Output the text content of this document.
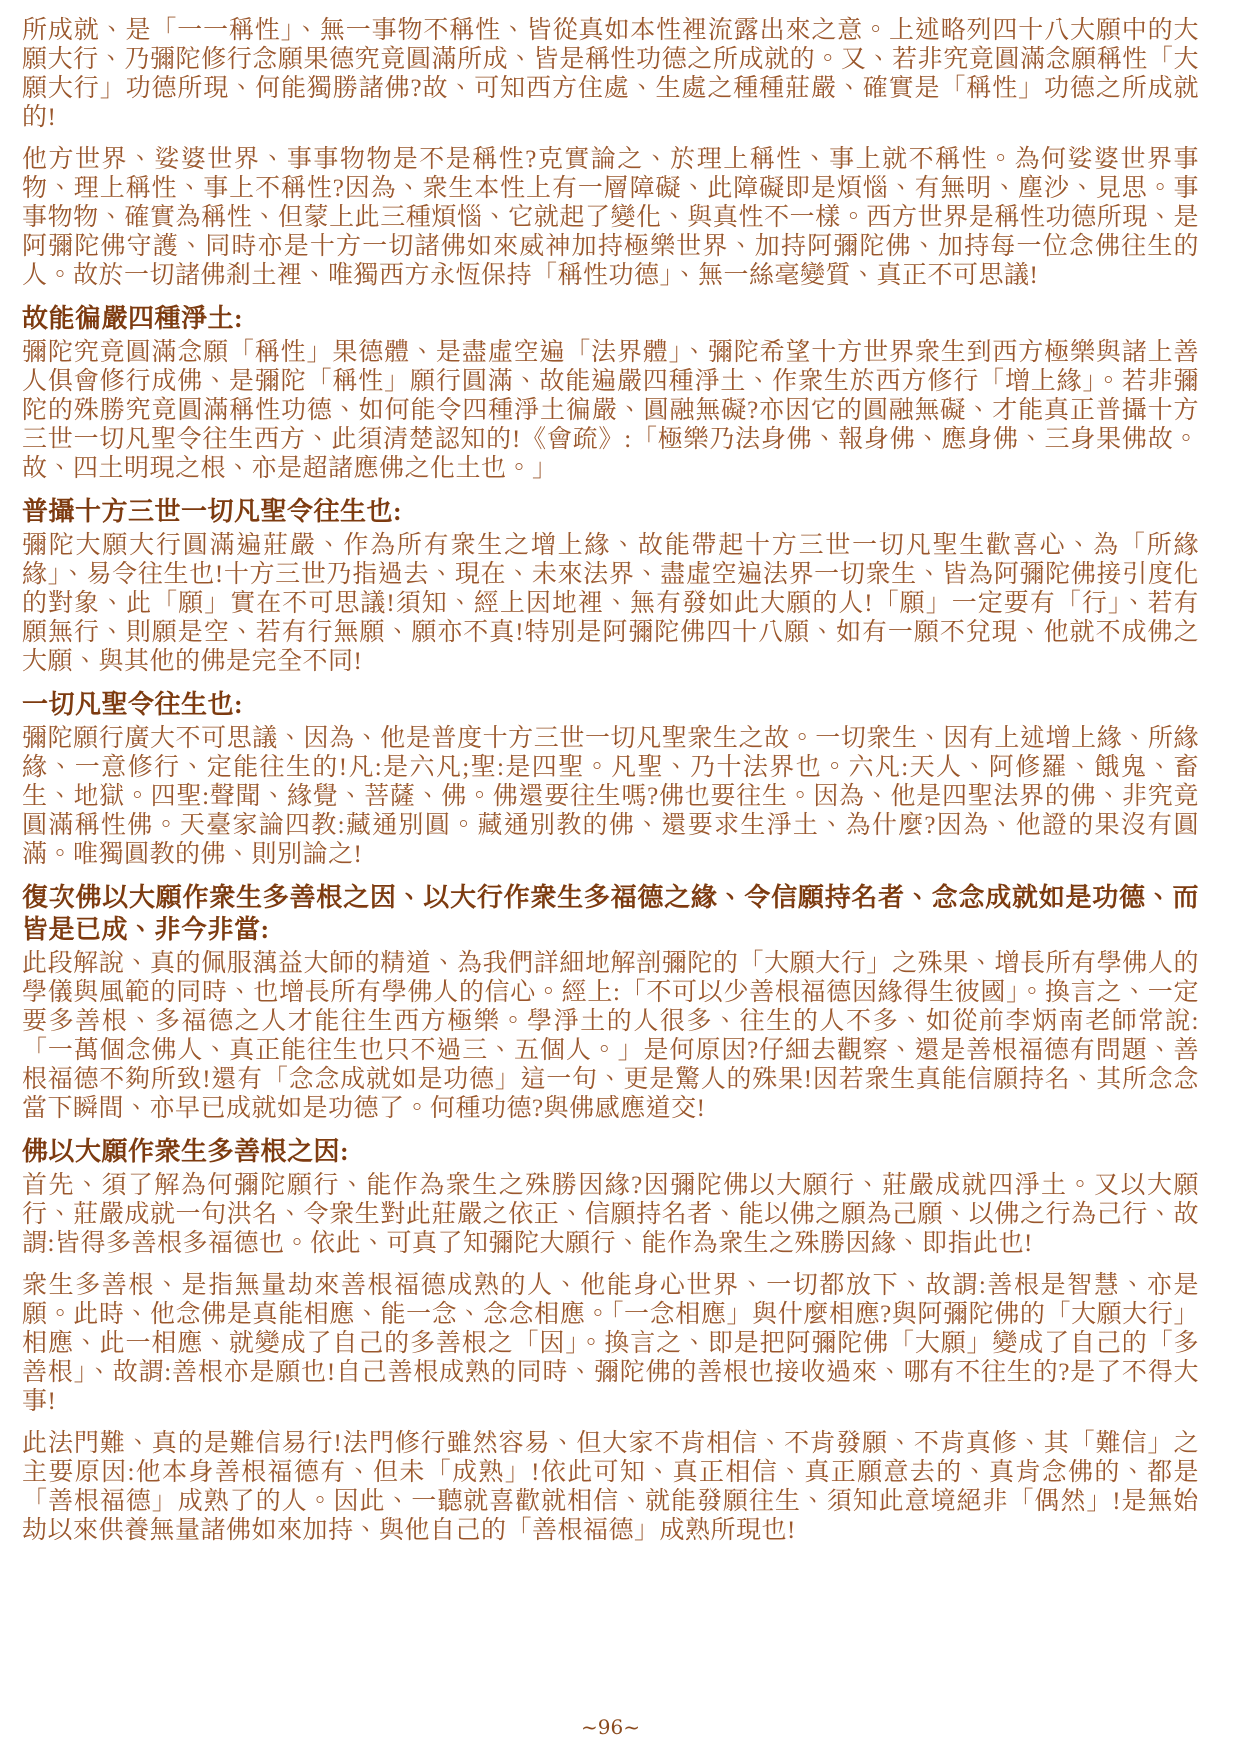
所成就、是「一一稱性」、無一事物不稱性、皆從真如本性裡流露出來之意。上述略列四十八大願中的大願大行、乃彌陀修行念願果德究竟圓滿所成、皆是稱性功德之所成就的。又、若非究竟圓滿念願稱性「大願大行」功德所現、何能獨勝諸佛?故、可知西方住處、生處之種種莊嚴、確實是「稱性」功德之所成就的!

他方世界、娑婆世界、事事物物是不是稱性?克實論之、於理上稱性、事上就不稱性。為何娑婆世界事物、理上稱性、事上不稱性?因為、衆生本性上有一層障礙、此障礙即是煩惱、有無明、塵沙、見思。事事物物、確實為稱性、但蒙上此三種煩惱、它就起了變化、與真性不一樣。西方世界是稱性功德所現、是阿彌陀佛守護、同時亦是十方一切諸佛如來威神加持極樂世界、加持阿彌陀佛、加持每一位念佛往生的人。故於一切諸佛剎土裡、唯獨西方永恆保持「稱性功德」、無一絲毫變質、真正不可思議!

故能徧嚴四種淨土:

彌陀究竟圓滿念願「稱性」果德體、是盡虛空遍「法界體」、彌陀希望十方世界衆生到西方極樂與諸上善人俱會修行成佛、是彌陀「稱性」願行圓滿、故能遍嚴四種淨土、作衆生於西方修行「增上緣」。若非彌陀的殊勝究竟圓滿稱性功德、如何能令四種淨土徧嚴、圓融無礙?亦因它的圓融無礙、才能真正普攝十方三世一切凡聖令往生西方、此須清楚認知的!《會疏》:「極樂乃法身佛、報身佛、應身佛、三身果佛故。故、四土明現之根、亦是超諸應佛之化土也。」

普攝十方三世一切凡聖令往生也:

彌陀大願大行圓滿遍莊嚴、作為所有衆生之增上緣、故能帶起十方三世一切凡聖生歡喜心、為「所緣緣」、易令往生也!十方三世乃指過去、現在、未來法界、盡虛空遍法界一切衆生、皆為阿彌陀佛接引度化的對象、此「願」實在不可思議!須知、經上因地裡、無有發如此大願的人!「願」一定要有「行」、若有願無行、則願是空、若有行無願、願亦不真!特別是阿彌陀佛四十八願、如有一願不兌現、他就不成佛之大願、與其他的佛是完全不同!

一切凡聖令往生也:

彌陀願行廣大不可思議、因為、他是普度十方三世一切凡聖衆生之故。一切衆生、因有上述增上緣、所緣緣、一意修行、定能往生的!凡:是六凡;聖:是四聖。凡聖、乃十法界也。六凡:天人、阿修羅、餓鬼、畜生、地獄。四聖:聲聞、緣覺、菩薩、佛。佛還要往生嗎?佛也要往生。因為、他是四聖法界的佛、非究竟圓滿稱性佛。天臺家論四教:藏通別圓。藏通別教的佛、還要求生淨土、為什麼?因為、他證的果沒有圓滿。唯獨圓教的佛、則別論之!

復次佛以大願作衆生多善根之因、以大行作衆生多福德之緣、令信願持名者、念念成就如是功德、而皆是已成、非今非當:

此段解說、真的佩服蕅益大師的精道、為我們詳細地解剖彌陀的「大願大行」之殊果、增長所有學佛人的學儀與風範的同時、也增長所有學佛人的信心。經上:「不可以少善根福德因緣得生彼國」。換言之、一定要多善根、多福德之人才能往生西方極樂。學淨土的人很多、往生的人不多、如從前李炳南老師常說:「一萬個念佛人、真正能往生也只不過三、五個人。」是何原因?仔細去觀察、還是善根福德有問題、善根福德不夠所致!還有「念念成就如是功德」這一句、更是驚人的殊果!因若衆生真能信願持名、其所念念當下瞬間、亦早已成就如是功德了。何種功德?與佛感應道交!

佛以大願作衆生多善根之因:

首先、須了解為何彌陀願行、能作為衆生之殊勝因緣?因彌陀佛以大願行、莊嚴成就四淨土。又以大願行、莊嚴成就一句洪名、令衆生對此莊嚴之依正、信願持名者、能以佛之願為己願、以佛之行為己行、故謂:皆得多善根多福德也。依此、可真了知彌陀大願行、能作為衆生之殊勝因緣、即指此也!

衆生多善根、是指無量劫來善根福德成熟的人、他能身心世界、一切都放下、故謂:善根是智慧、亦是願。此時、他念佛是真能相應、能一念、念念相應。「一念相應」與什麼相應?與阿彌陀佛的「大願大行」相應、此一相應、就變成了自己的多善根之「因」。換言之、即是把阿彌陀佛「大願」變成了自己的「多善根」、故謂:善根亦是願也!自己善根成熟的同時、彌陀佛的善根也接收過來、哪有不往生的?是了不得大事!

此法門難、真的是難信易行!法門修行雖然容易、但大家不肯相信、不肯發願、不肯真修、其「難信」之主要原因:他本身善根福德有、但未「成熟」!依此可知、真正相信、真正願意去的、真肯念佛的、都是「善根福德」成熟了的人。因此、一聽就喜歡就相信、就能發願往生、須知此意境絕非「偶然」!是無始劫以來供養無量諸佛如來加持、與他自己的「善根福德」成熟所現也!

~96~
